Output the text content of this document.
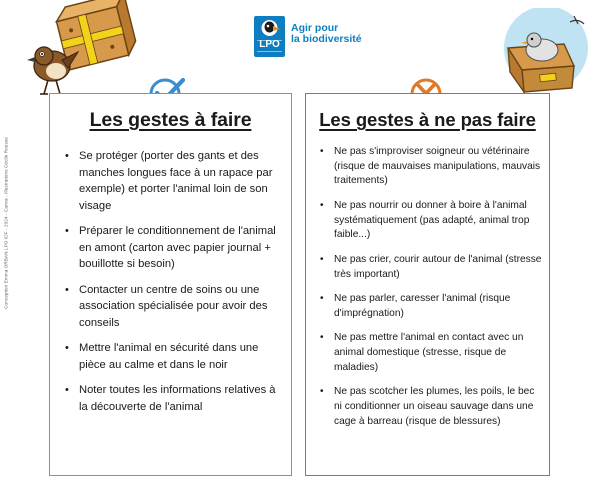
Conception Emma ORBAN LPO IDF - 2024 - Canva - Illustrations Cécile Rousse
LPO
Agir pour
la biodiversité
Les gestes à faire
• Se protéger (porter des gants et des manches longues face à un rapace par exemple) et porter l'animal loin de son visage
• Préparer le conditionnement de l'animal en amont (carton avec papier journal + bouillotte si besoin)
• Contacter un centre de soins ou une association spécialisée pour avoir des conseils
• Mettre l'animal en sécurité dans une pièce au calme et dans le noir
• Noter toutes les informations relatives à la découverte de l'animal
Les gestes à ne pas faire
• Ne pas s'improviser soigneur ou vétérinaire (risque de mauvaises manipulations, mauvais traitements)
• Ne pas nourrir ou donner à boire à l'animal systématiquement (pas adapté, animal trop faible...)
• Ne pas crier, courir autour de l'animal (stresse très important)
• Ne pas parler, caresser l'animal (risque d'imprégnation)
• Ne pas mettre l'animal en contact avec un animal domestique (stresse, risque de maladies)
• Ne pas scotcher les plumes, les poils, le bec ni conditionner un oiseau sauvage dans une cage à barreau (risque de blessures)
